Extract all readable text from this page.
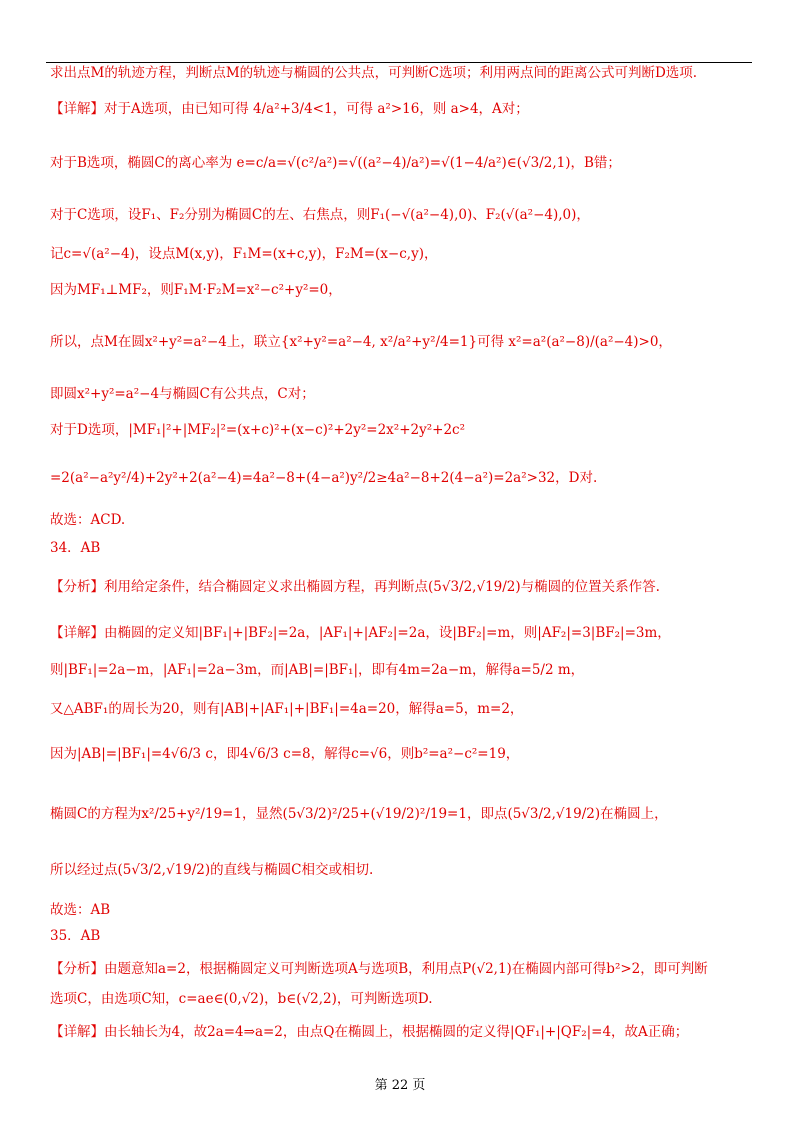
求出点M的轨迹方程，判断点M的轨迹与椭圆的公共点，可判断C选项；利用两点间的距离公式可判断D选项.
【详解】对于A选项，由已知可得 4/a²+3/4<1，可得 a²>16，则 a>4，A对；
对于B选项，椭圆C的离心率为 e=c/a=√(c²/a²)=√((a²−4)/a²)=√(1−4/a²)∈(√3/2,1)，B错；
对于C选项，设F₁、F₂分别为椭圆C的左、右焦点，则F₁(−√(a²−4),0)、F₂(√(a²−4),0)，
记c=√(a²−4)，设点M(x,y)，F₁M=(x+c,y)，F₂M=(x−c,y)，
因为MF₁⊥MF₂，则F₁M·F₂M=x²−c²+y²=0，
所以，点M在圆x²+y²=a²−4上，联立{x²+y²=a²−4, x²/a²+y²/4=1}可得 x²=a²(a²−8)/(a²−4)>0，
即圆x²+y²=a²−4与椭圆C有公共点，C对；
对于D选项，|MF₁|²+|MF₂|²=(x+c)²+(x−c)²+2y²=2x²+2y²+2c²
=2(a²−a²y²/4)+2y²+2(a²−4)=4a²−8+(4−a²)y²/2≥4a²−8+2(4−a²)=2a²>32，D对.
故选：ACD.
34．AB
【分析】利用给定条件，结合椭圆定义求出椭圆方程，再判断点(5√3/2,√19/2)与椭圆的位置关系作答.
【详解】由椭圆的定义知|BF₁|+|BF₂|=2a，|AF₁|+|AF₂|=2a，设|BF₂|=m，则|AF₂|=3|BF₂|=3m，
则|BF₁|=2a−m，|AF₁|=2a−3m，而|AB|=|BF₁|，即有4m=2a−m，解得a=5/2 m，
又△ABF₁的周长为20，则有|AB|+|AF₁|+|BF₁|=4a=20，解得a=5，m=2，
因为|AB|=|BF₁|=4√6/3 c，即4√6/3 c=8，解得c=√6，则b²=a²−c²=19，
椭圆C的方程为x²/25+y²/19=1，显然(5√3/2)²/25+(√19/2)²/19=1，即点(5√3/2,√19/2)在椭圆上，
所以经过点(5√3/2,√19/2)的直线与椭圆C相交或相切.
故选：AB
35．AB
【分析】由题意知a=2，根据椭圆定义可判断选项A与选项B，利用点P(√2,1)在椭圆内部可得b²>2，即可判断
选项C，由选项C知，c=ae∈(0,√2)，b∈(√2,2)，可判断选项D.
【详解】由长轴长为4，故2a=4⇒a=2，由点Q在椭圆上，根据椭圆的定义得|QF₁|+|QF₂|=4，故A正确；
第 22 页
